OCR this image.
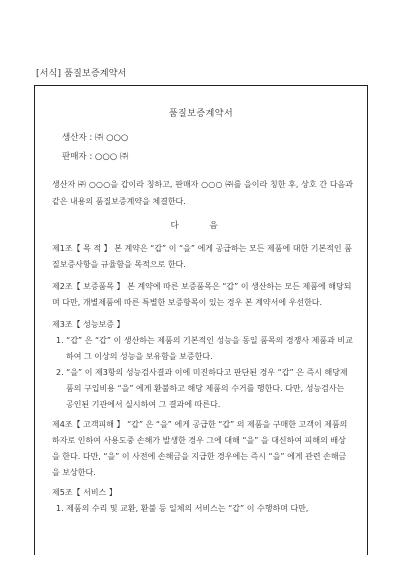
[서식] 품질보증계약서
품질보증계약서
생산자 : ㈜ ○○○
판매자 : ○○○ ㈜
생산자 ㈜ ○○○을 갑이라 칭하고, 판매자 ○○○ ㈜를 을이라 칭한 후, 상호 간 다음과 같은 내용의 품질보증계약을 체결한다.
다 음
제1조【 목 적 】 본 계약은 “갑” 이 “을” 에게 공급하는 모든 제품에 대한 기본적인 품질보증사항을 규율함을 목적으로 한다.
제2조【 보증품목 】 본 계약에 따른 보증품목은 “갑” 이 생산하는 모든 제품에 해당되며 다만, 개별제품에 따른 특별한 보증항목이 있는 경우 본 계약서에 우선한다.

제3조【 성능보증 】

1. “갑” 은 “갑” 이 생산하는 제품의 기본적인 성능을 동일 품목의 경쟁사 제품과 비교하여 그 이상의 성능을 보유함을 보증한다.

2. “을” 이 제3항의 성능검사결과 이에 미진하다고 판단된 경우 “갑” 은 즉시 해당제품의 구입비용 “을” 에게 환불하고 해당 제품의 수거를 행한다. 다만, 성능검사는 공인된 기관에서 실시하여 그 결과에 따른다.

제4조【 고객피해 】 “갑” 은 “을” 에게 공급한 “갑” 의 제품을 구매한 고객이 제품의 하자로 인하여 사용도중 손해가 발생한 경우 그에 대해 “을” 을 대신하여 피해의 배상을 한다. 다만, “을” 이 사전에 손해금을 지급한 경우에는 즉시 “을” 에게 관련 손해금을 보상한다.

제5조【 서비스 】

1. 제품의 수리 및 교환, 환불 등 일체의 서비스는 “갑” 이 수행하며 다만,
